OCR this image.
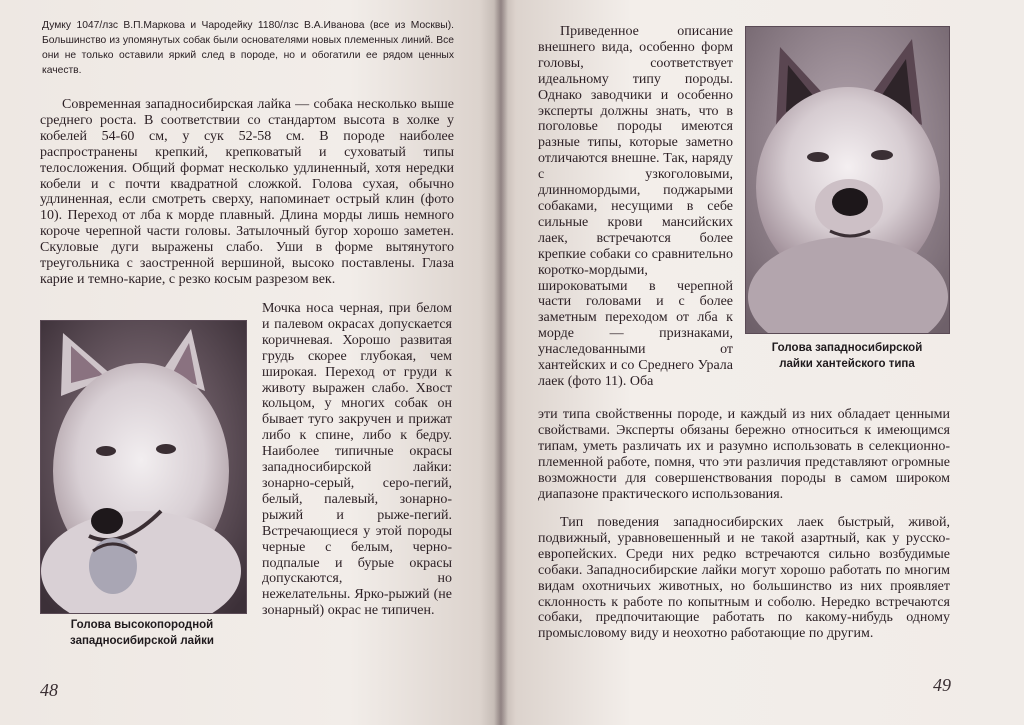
Думку 1047/лзс В.П.Маркова и Чародейку 1180/лзс В.А.Иванова (все из Москвы). Большинство из упомянутых собак были основателями новых племенных линий. Все они не только оставили яркий след в породе, но и обогатили ее рядом ценных качеств.
Современная западносибирская лайка — собака несколько выше среднего роста. В соответствии со стандартом высота в холке у кобелей 54-60 см, у сук 52-58 см. В породе наиболее распространены крепкий, крепковатый и суховатый типы телосложения. Общий формат несколько удлиненный, хотя нередки кобели и с почти квадратной сложкой. Голова сухая, обычно удлиненная, если смотреть сверху, напоминает острый клин (фото 10). Переход от лба к морде плавный. Длина морды лишь немного короче черепной части головы. Затылочный бугор хорошо заметен. Скуловые дуги выражены слабо. Уши в форме вытянутого треугольника с заостренной вершиной, высоко поставлены. Глаза карие и темно-карие, с резко косым разрезом век.
Мочка носа черная, при белом и палевом окрасах допускается коричневая. Хорошо развитая грудь скорее глубокая, чем широкая. Переход от груди к животу выражен слабо. Хвост кольцом, у многих собак он бывает туго закручен и прижат либо к спине, либо к бедру. Наиболее типичные окрасы западносибирской лайки: зонарно-серый, серо-пегий, белый, палевый, зонарно-рыжий и рыже-пегий. Встречающиеся у этой породы черные с белым, черно-подпалые и бурые окрасы допускаются, но нежелательны. Ярко-рыжий (не зонарный) окрас не типичен.
Голова высокопородной западносибирской лайки
48
Приведенное описание внешнего вида, особенно форм головы, соответствует идеальному типу породы. Однако заводчики и особенно эксперты должны знать, что в поголовье породы имеются разные типы, которые заметно отличаются внешне. Так, наряду с узкоголовыми, длинномордыми, поджарыми собаками, несущими в себе сильные крови мансийских лаек, встречаются более крепкие собаки со сравнительно коротко-мордыми, широковатыми в черепной части головами и с более заметным переходом от лба к морде — признаками, унаследованными от хантейских и со Среднего Урала лаек (фото 11). Оба
Голова западносибирской лайки хантейского типа
эти типа свойственны породе, и каждый из них обладает ценными свойствами. Эксперты обязаны бережно относиться к имеющимся типам, уметь различать их и разумно использовать в селекционно-племенной работе, помня, что эти различия представляют огромные возможности для совершенствования породы в самом широком диапазоне практического использования.
Тип поведения западносибирских лаек быстрый, живой, подвижный, уравновешенный и не такой азартный, как у русско-европейских. Среди них редко встречаются сильно возбудимые собаки. Западносибирские лайки могут хорошо работать по многим видам охотничьих животных, но большинство из них проявляет склонность к работе по копытным и соболю. Нередко встречаются собаки, предпочитающие работать по какому-нибудь одному промысловому виду и неохотно работающие по другим.
49
